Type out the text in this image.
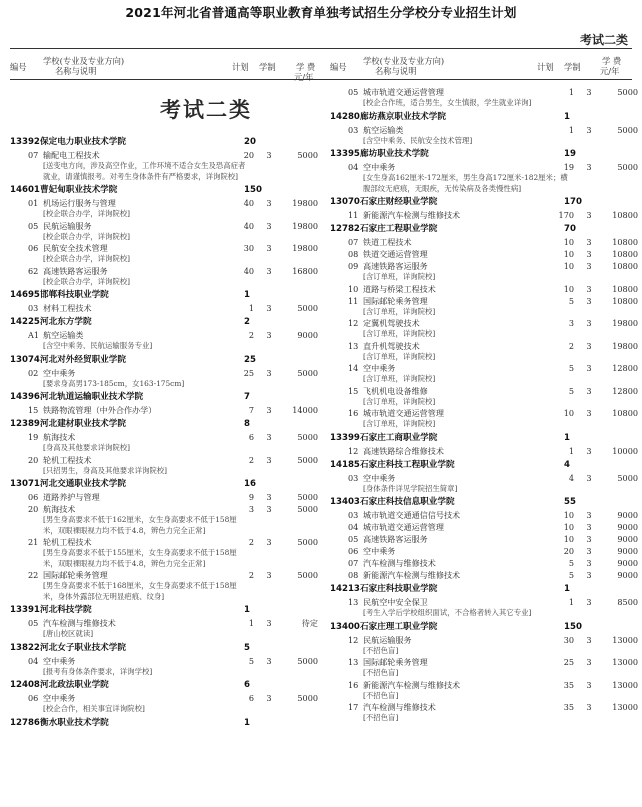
2021年河北省普通高等职业教育单独考试招生分学校分专业招生计划
考试二类
编号
学校(专业及专业方向)
名称与说明	计划 学制 学 费
元/年
编号
学校(专业及专业方向)
名称与说明	计划 学制
学 费
元/年
考试二类
13392 保定电力职业技术学院	20
07 输配电工程技术	20 3	5000
[送变电方向，涉及高空作业，工作环境不适合女生及恐高症者就业，请谨慎报考。对考生身体条件有严格要求，详询院校]
14601 曹妃甸职业技术学院	150
01 机场运行服务与管理	40 3	19800
[校企联合办学，详询院校]
05 民航运输服务	40 3	19800
[校企联合办学，详询院校]
06 民航安全技术管理	30 3	19800
[校企联合办学，详询院校]
62 高速铁路客运服务	40 3	16800
[校企联合办学，详询院校]
14695 邯郸科技职业学院	1
03 材料工程技术	1 3	5000
14225 河北东方学院	2
A1 航空运输类	2 3	9000
[含空中乘务、民航运输服务专业]
13074 河北对外经贸职业学院	25
02 空中乘务	25 3	5000
[要求身高男173-185cm，女163-175cm]
14396 河北轨道运输职业技术学院	7
15 铁路物流管理（中外合作办学）	7 3	14000
12389 河北建材职业技术学院	8
19 航海技术	6 3	5000
[身高及其他要求详询院校]
20 轮机工程技术	2 3	5000
[只招男生，身高及其他要求详询院校]
13071 河北交通职业技术学院	16
06 道路养护与管理	9 3	5000
20 航海技术	3 3	5000
[男生身高要求不低于162厘米，女生身高要求不低于158厘米，双眼裸眼视力均不低于4.8，辨色力完全正常]
21 轮机工程技术	2 3	5000
[男生身高要求不低于155厘米，女生身高要求不低于158厘米，双眼裸眼视力均不低于4.8，辨色力完全正常]
22 国际邮轮乘务管理	2 3	5000
[男生身高要求不低于168厘米，女生身高要求不低于158厘米，身体外露部位无明显疤痕、纹身]
13391 河北科技学院	1
05 汽车检测与维修技术	1 3	待定
[唐山校区就读]
13822 河北女子职业技术学院	5
04 空中乘务	5 3	5000
[报考有身体条件要求，详询学校]
12408 河北政法职业学院	6
06 空中乘务	6 3	5000
[校企合作，相关事宜详询院校]
12786 衡水职业技术学院	1
05 城市轨道交通运营管理	1 3	5000
[校企合作班，适合男生，女生慎报，学生就业详询]
14280 廊坊燕京职业技术学院	1
03 航空运输类	1 3	5000
[含空中乘务、民航安全技术管理]
13395 廊坊职业技术学院	19
04 空中乘务	19 3	5000
[女生身高162厘米-172厘米，男生身高172厘米-182厘米；横腹部纹无疤痕，无眼疾，无传染病及各类慢性病]
13070 石家庄财经职业学院	170
11 新能源汽车检测与维修技术	170 3	10800
12782 石家庄工程职业学院	70
07 铁道工程技术	10 3	10800
08 铁道交通运营管理	10 3	10800
09 高速铁路客运服务	10 3	10800
[含订单班，详询院校]
10 道路与桥梁工程技术	10 3	10800
11 国际邮轮乘务管理	5 3	10800
[含订单班，详询院校]
12 定翼机驾驶技术	3 3	19800
[含订单班，详询院校]
13 直升机驾驶技术	2 3	19800
[含订单班，详询院校]
14 空中乘务	5 3	12800
[含订单班，详询院校]
15 飞机机电设备维修	5 3	12800
[含订单班，详询院校]
16 城市轨道交通运营管理	10 3	10800
[含订单班，详询院校]
13399 石家庄工商职业学院	1
12 高速铁路综合维修技术	1 3	10000
14185 石家庄科技工程职业学院	4
03 空中乘务	4 3	5000
[身体条件详见学院招生简章]
13403 石家庄科技信息职业学院	55
03 城市轨道交通通信信号技术	10 3	9000
04 城市轨道交通运营管理	10 3	9000
05 高速铁路客运服务	10 3	9000
06 空中乘务	20 3	9000
07 汽车检测与维修技术	5 3	9000
08 新能源汽车检测与维修技术	5 3	9000
14213 石家庄科技职业学院	1
13 民航空中安全保卫	1 3	8500
[考生入学后学校组织面试，不合格者转入其它专业]
13400 石家庄理工职业学院	150
12 民航运输服务	30 3	13000
[不招色盲]
13 国际邮轮乘务管理	25 3	13000
[不招色盲]
16 新能源汽车检测与维修技术	35 3	13000
[不招色盲]
17 汽车检测与维修技术	35 3	13000
[不招色盲]
